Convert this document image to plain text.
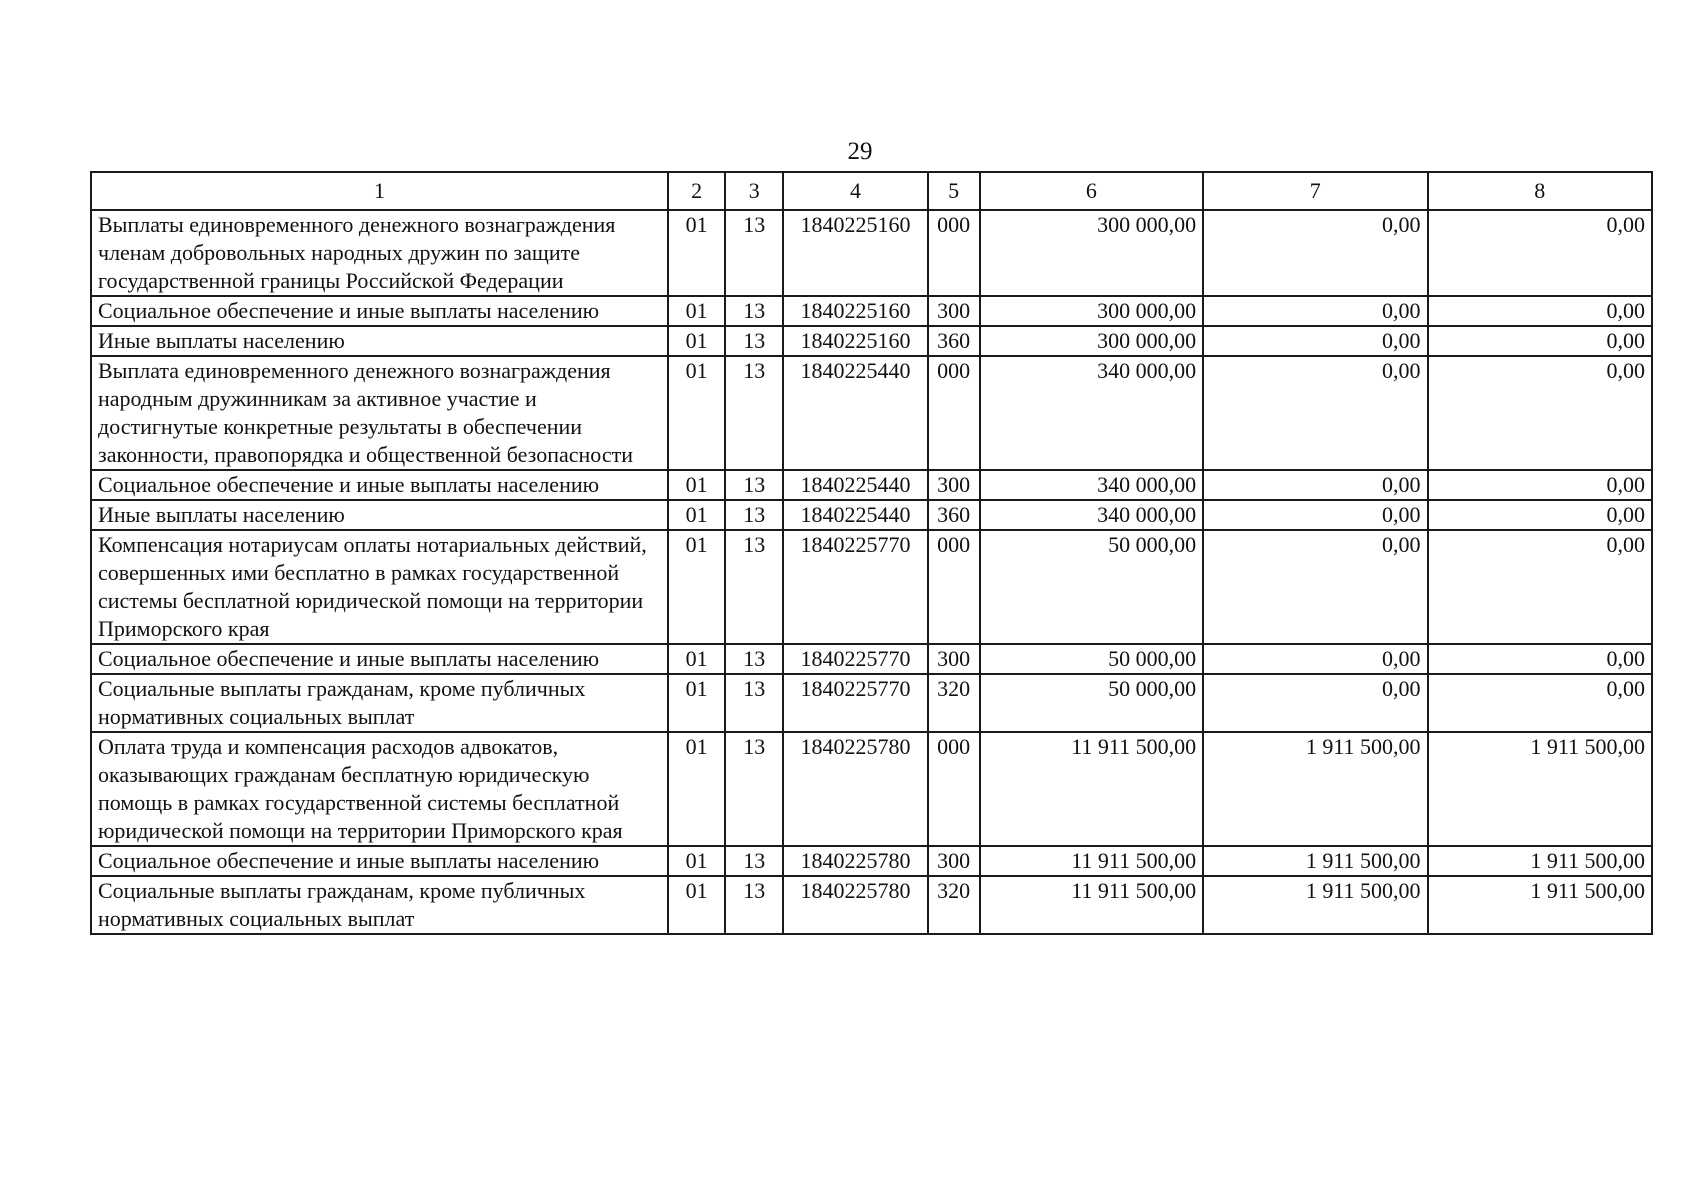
29
1	2	3	4	5	6	7	8
Выплаты единовременного денежного вознаграждения членам добровольных народных дружин по защите государственной границы Российской Федерации	01	13	1840225160	000	300 000,00	0,00	0,00
Социальное обеспечение и иные выплаты населению	01	13	1840225160	300	300 000,00	0,00	0,00
Иные выплаты населению	01	13	1840225160	360	300 000,00	0,00	0,00
Выплата единовременного денежного вознаграждения народным дружинникам за активное участие и достигнутые конкретные результаты в обеспечении законности, правопорядка и общественной безопасности	01	13	1840225440	000	340 000,00	0,00	0,00
Социальное обеспечение и иные выплаты населению	01	13	1840225440	300	340 000,00	0,00	0,00
Иные выплаты населению	01	13	1840225440	360	340 000,00	0,00	0,00
Компенсация нотариусам оплаты нотариальных действий, совершенных ими бесплатно в рамках государственной системы бесплатной юридической помощи на территории Приморского края	01	13	1840225770	000	50 000,00	0,00	0,00
Социальное обеспечение и иные выплаты населению	01	13	1840225770	300	50 000,00	0,00	0,00
Социальные выплаты гражданам, кроме публичных нормативных социальных выплат	01	13	1840225770	320	50 000,00	0,00	0,00
Оплата труда и компенсация расходов адвокатов, оказывающих гражданам бесплатную юридическую помощь в рамках государственной системы бесплатной юридической помощи на территории Приморского края	01	13	1840225780	000	11 911 500,00	1 911 500,00	1 911 500,00
Социальное обеспечение и иные выплаты населению	01	13	1840225780	300	11 911 500,00	1 911 500,00	1 911 500,00
Социальные выплаты гражданам, кроме публичных нормативных социальных выплат	01	13	1840225780	320	11 911 500,00	1 911 500,00	1 911 500,00
